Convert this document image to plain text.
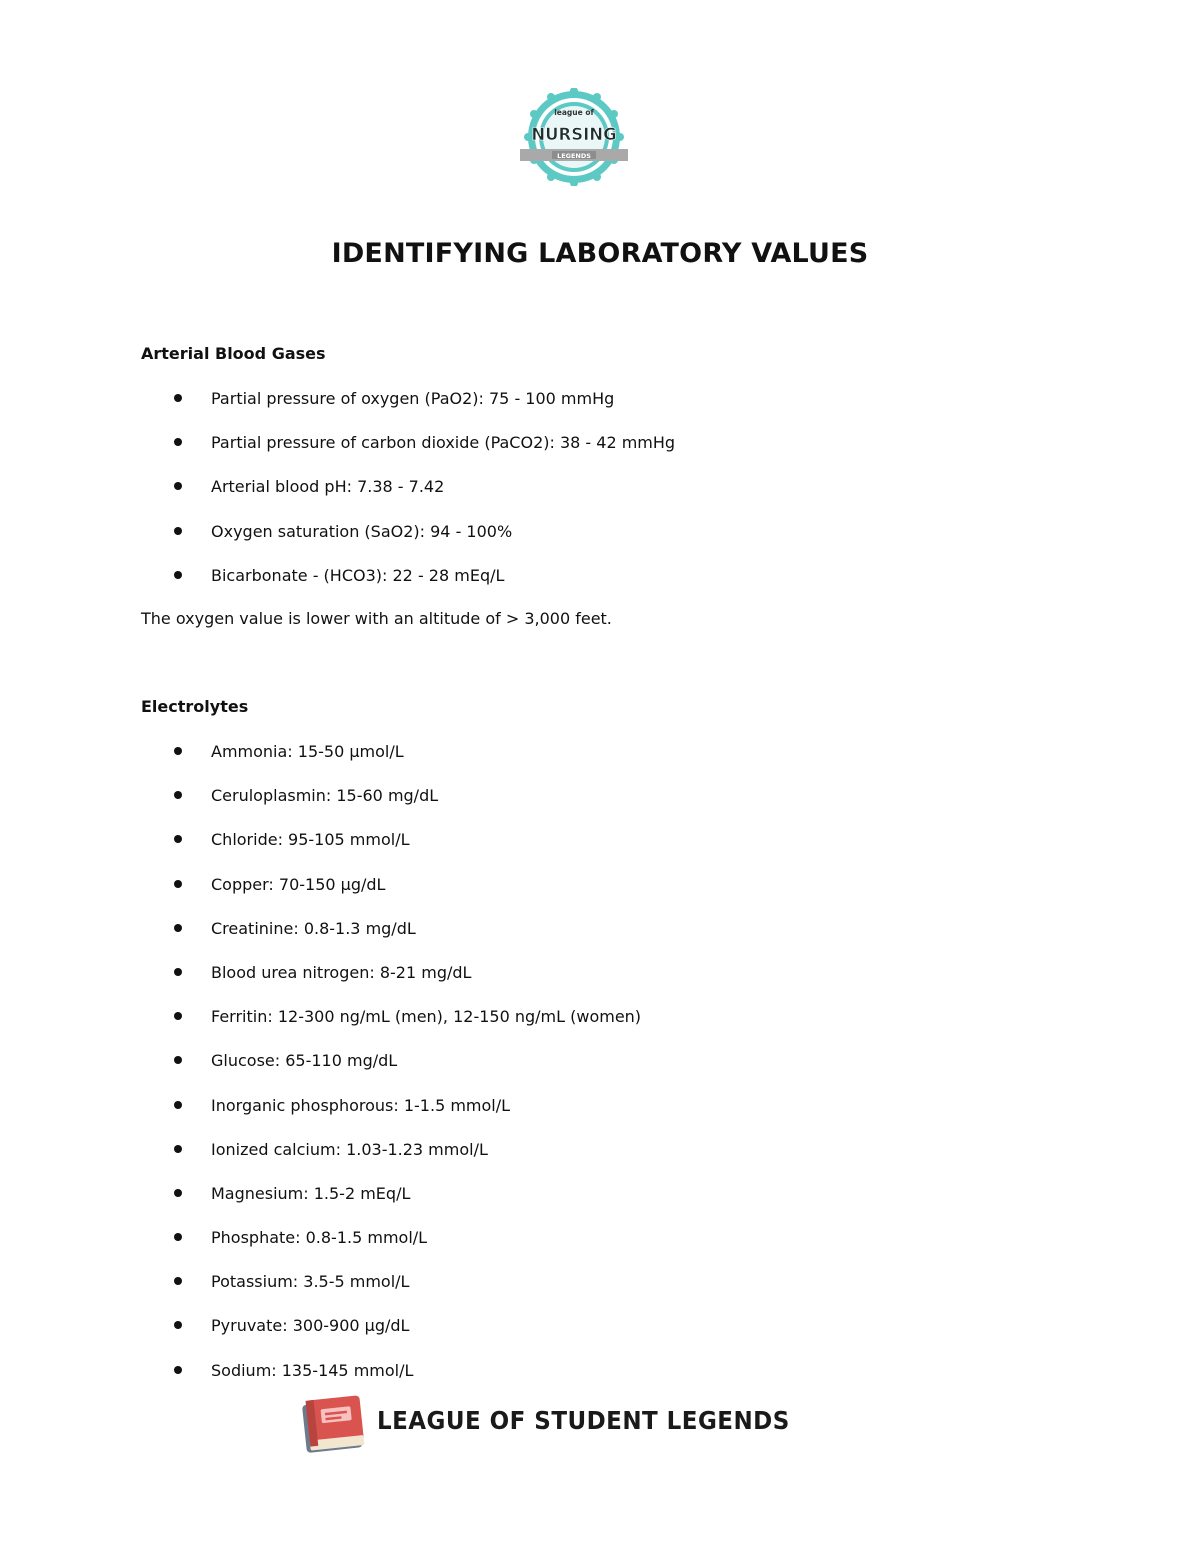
LEGENDS
league of
NURSING
IDENTIFYING LABORATORY VALUES
Arterial Blood Gases
Partial pressure of oxygen (PaO2): 75 - 100 mmHg
Partial pressure of carbon dioxide (PaCO2): 38 - 42 mmHg
Arterial blood pH: 7.38 - 7.42
Oxygen saturation (SaO2): 94 - 100%
Bicarbonate - (HCO3): 22 - 28 mEq/L

The oxygen value is lower with an altitude of > 3,000 feet.

Electrolytes
Ammonia: 15-50 µmol/L
Ceruloplasmin: 15-60 mg/dL
Chloride: 95-105 mmol/L
Copper: 70-150 µg/dL
Creatinine: 0.8-1.3 mg/dL
Blood urea nitrogen: 8-21 mg/dL
Ferritin: 12-300 ng/mL (men), 12-150 ng/mL (women)
Glucose: 65-110 mg/dL
Inorganic phosphorous: 1-1.5 mmol/L
Ionized calcium: 1.03-1.23 mmol/L
Magnesium: 1.5-2 mEq/L
Phosphate: 0.8-1.5 mmol/L
Potassium: 3.5-5 mmol/L
Pyruvate: 300-900 µg/dL
Sodium: 135-145 mmol/L
LEAGUE OF STUDENT LEGENDS
